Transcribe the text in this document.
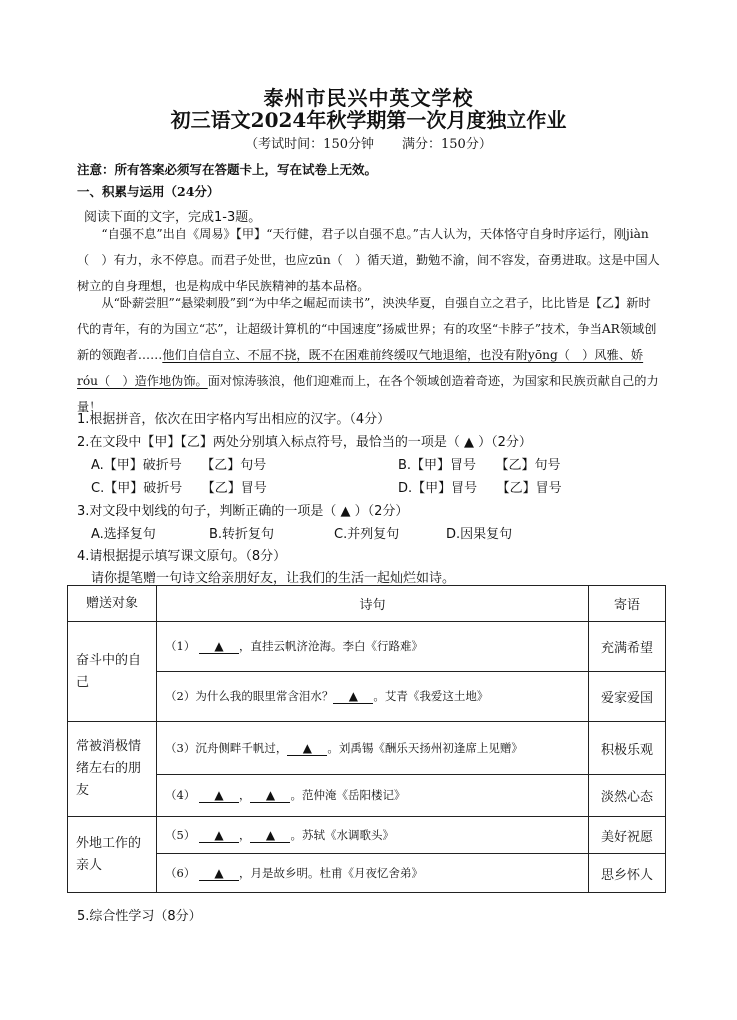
泰州市民兴中英文学校
初三语文2024年秋学期第一次月度独立作业
（考试时间：150分钟 满分：150分）
注意：所有答案必须写在答题卡上，写在试卷上无效。
一、积累与运用（24分）
阅读下面的文字，完成1-3题。
“自强不息”出自《周易》【甲】“天行健，君子以自强不息。”古人认为，天体恪守自身时序运行，刚jiàn（　）有力，永不停息。而君子处世，也应zūn（　）循天道，勤勉不渝，间不容发，奋勇进取。这是中国人树立的自身理想，也是构成中华民族精神的基本品格。
从“卧薪尝胆”“悬梁刺股”到“为中华之崛起而读书”，泱泱华夏，自强自立之君子，比比皆是【乙】新时代的青年，有的为国立“芯”，让超级计算机的“中国速度”扬威世界；有的攻坚“卡脖子”技术，争当AR领域创新的领跑者……他们自信自立、不屈不挠，既不在困难前终缓叹气地退缩，也没有附yōng（　）风雅、娇róu（　）造作地伪饰。面对惊涛骇浪，他们迎难而上，在各个领域创造着奇迹，为国家和民族贡献自己的力量！
1.根据拼音，依次在田字格内写出相应的汉字。（4分）
2.在文段中【甲】【乙】两处分别填入标点符号，最恰当的一项是（ ▲ ）（2分）
A.【甲】破折号　　【乙】句号	B.【甲】冒号　　【乙】句号
C.【甲】破折号　　【乙】冒号	D.【甲】冒号　　【乙】冒号
3.对文段中划线的句子，判断正确的一项是（ ▲ ）（2分）
A.选择复句	B.转折复句	C.并列复句	D.因果复句
4.请根据提示填写课文原句。（8分）
请你提笔赠一句诗文给亲朋好友，让我们的生活一起灿烂如诗。
赠送对象	诗句	寄语
奋斗中的自己	（1） ▲ ，直挂云帆济沧海。李白《行路难》	充满希望
	（2）为什么我的眼里常含泪水？ ▲ 。艾青《我爱这土地》	爱家爱国
常被消极情绪左右的朋友	（3）沉舟侧畔千帆过， ▲ 。刘禹锡《酬乐天扬州初逢席上见赠》	积极乐观
	（4） ▲ ， ▲ 。范仲淹《岳阳楼记》	淡然心态
外地工作的亲人	（5） ▲ ， ▲ 。苏轼《水调歌头》	美好祝愿
	（6） ▲ ，月是故乡明。杜甫《月夜忆舍弟》	思乡怀人
5.综合性学习（8分）
